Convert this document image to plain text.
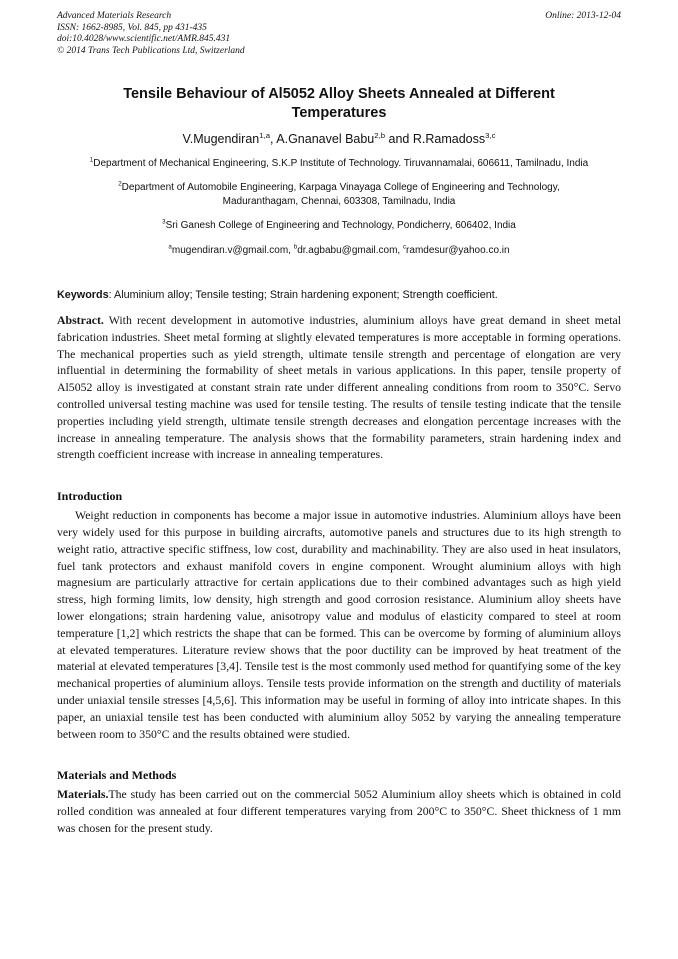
Advanced Materials Research
ISSN: 1662-8985, Vol. 845, pp 431-435
doi:10.4028/www.scientific.net/AMR.845.431
© 2014 Trans Tech Publications Ltd, Switzerland
Online: 2013-12-04
Tensile Behaviour of Al5052 Alloy Sheets Annealed at Different
Temperatures
V.Mugendiran$^{1,a}$, A.Gnanavel Babu$^{2,b}$ and R.Ramadoss$^{3,c}$
$^1$Department of Mechanical Engineering, S.K.P Institute of Technology. Tiruvannamalai, 606611, Tamilnadu, India
$^2$Department of Automobile Engineering, Karpaga Vinayaga College of Engineering and Technology, Maduranthagam, Chennai, 603308, Tamilnadu, India
$^3$Sri Ganesh College of Engineering and Technology, Pondicherry, 606402, India
$^a$mugendiran.v@gmail.com, $^b$dr.agbabu@gmail.com, $^c$ramdesur@yahoo.co.in
Keywords: Aluminium alloy; Tensile testing; Strain hardening exponent; Strength coefficient.
Abstract. With recent development in automotive industries, aluminium alloys have great demand in sheet metal fabrication industries. Sheet metal forming at slightly elevated temperatures is more acceptable in forming operations. The mechanical properties such as yield strength, ultimate tensile strength and percentage of elongation are very influential in determining the formability of sheet metals in various applications. In this paper, tensile property of Al5052 alloy is investigated at constant strain rate under different annealing conditions from room to 350°C. Servo controlled universal testing machine was used for tensile testing. The results of tensile testing indicate that the tensile properties including yield strength, ultimate tensile strength decreases and elongation percentage increases with the increase in annealing temperature. The analysis shows that the formability parameters, strain hardening index and strength coefficient increase with increase in annealing temperatures.
Introduction
Weight reduction in components has become a major issue in automotive industries. Aluminium alloys have been very widely used for this purpose in building aircrafts, automotive panels and structures due to its high strength to weight ratio, attractive specific stiffness, low cost, durability and machinability. They are also used in heat insulators, fuel tank protectors and exhaust manifold covers in engine component. Wrought aluminium alloys with high magnesium are particularly attractive for certain applications due to their combined advantages such as high yield stress, high forming limits, low density, high strength and good corrosion resistance. Aluminium alloy sheets have lower elongations; strain hardening value, anisotropy value and modulus of elasticity compared to steel at room temperature [1,2] which restricts the shape that can be formed. This can be overcome by forming of aluminium alloys at elevated temperatures. Literature review shows that the poor ductility can be improved by heat treatment of the material at elevated temperatures [3,4]. Tensile test is the most commonly used method for quantifying some of the key mechanical properties of aluminium alloys. Tensile tests provide information on the strength and ductility of materials under uniaxial tensile stresses [4,5,6]. This information may be useful in forming of alloy into intricate shapes. In this paper, an uniaxial tensile test has been conducted with aluminium alloy 5052 by varying the annealing temperature between room to 350°C and the results obtained were studied.
Materials and Methods
Materials.The study has been carried out on the commercial 5052 Aluminium alloy sheets which is obtained in cold rolled condition was annealed at four different temperatures varying from 200°C to 350°C. Sheet thickness of 1 mm was chosen for the present study.
